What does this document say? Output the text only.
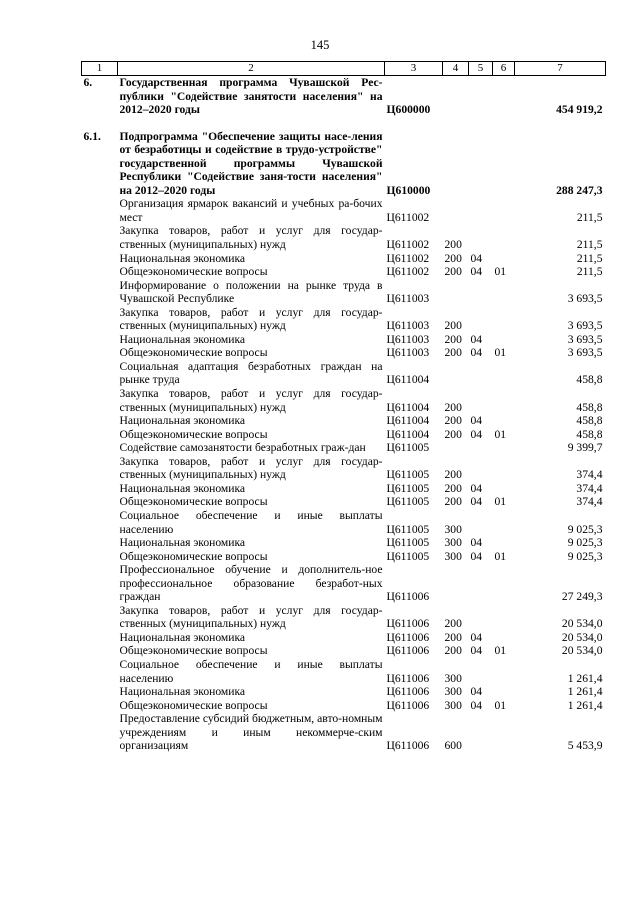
145
1	2	3	4	5	6	7
6.	Государственная программа Чувашской Рес-публики "Содействие занятости населения" на 2012–2020 годы	Ц600000				454 919,2

6.1.	Подпрограмма "Обеспечение защиты насе-ления от безработицы и содействие в трудо-устройстве" государственной программы Чувашской Республики "Содействие заня-тости населения" на 2012–2020 годы	Ц610000				288 247,3
	Организация ярмарок вакансий и учебных ра-бочих мест	Ц611002				211,5
	Закупка товаров, работ и услуг для государ-ственных (муниципальных) нужд	Ц611002	200			211,5
	Национальная экономика	Ц611002	200	04		211,5
	Общеэкономические вопросы	Ц611002	200	04	01	211,5
	Информирование о положении на рынке труда в Чувашской Республике	Ц611003				3 693,5
	Закупка товаров, работ и услуг для государ-ственных (муниципальных) нужд	Ц611003	200			3 693,5
	Национальная экономика	Ц611003	200	04		3 693,5
	Общеэкономические вопросы	Ц611003	200	04	01	3 693,5
	Социальная адаптация безработных граждан на рынке труда	Ц611004				458,8
	Закупка товаров, работ и услуг для государ-ственных (муниципальных) нужд	Ц611004	200			458,8
	Национальная экономика	Ц611004	200	04		458,8
	Общеэкономические вопросы	Ц611004	200	04	01	458,8
	Содействие самозанятости безработных граж-дан	Ц611005				9 399,7
	Закупка товаров, работ и услуг для государ-ственных (муниципальных) нужд	Ц611005	200			374,4
	Национальная экономика	Ц611005	200	04		374,4
	Общеэкономические вопросы	Ц611005	200	04	01	374,4
	Социальное обеспечение и иные выплаты населению	Ц611005	300			9 025,3
	Национальная экономика	Ц611005	300	04		9 025,3
	Общеэкономические вопросы	Ц611005	300	04	01	9 025,3
	Профессиональное обучение и дополнитель-ное профессиональное образование безработ-ных граждан	Ц611006				27 249,3
	Закупка товаров, работ и услуг для государ-ственных (муниципальных) нужд	Ц611006	200			20 534,0
	Национальная экономика	Ц611006	200	04		20 534,0
	Общеэкономические вопросы	Ц611006	200	04	01	20 534,0
	Социальное обеспечение и иные выплаты населению	Ц611006	300			1 261,4
	Национальная экономика	Ц611006	300	04		1 261,4
	Общеэкономические вопросы	Ц611006	300	04	01	1 261,4
	Предоставление субсидий бюджетным, авто-номным учреждениям и иным некоммерче-ским организациям	Ц611006	600			5 453,9
